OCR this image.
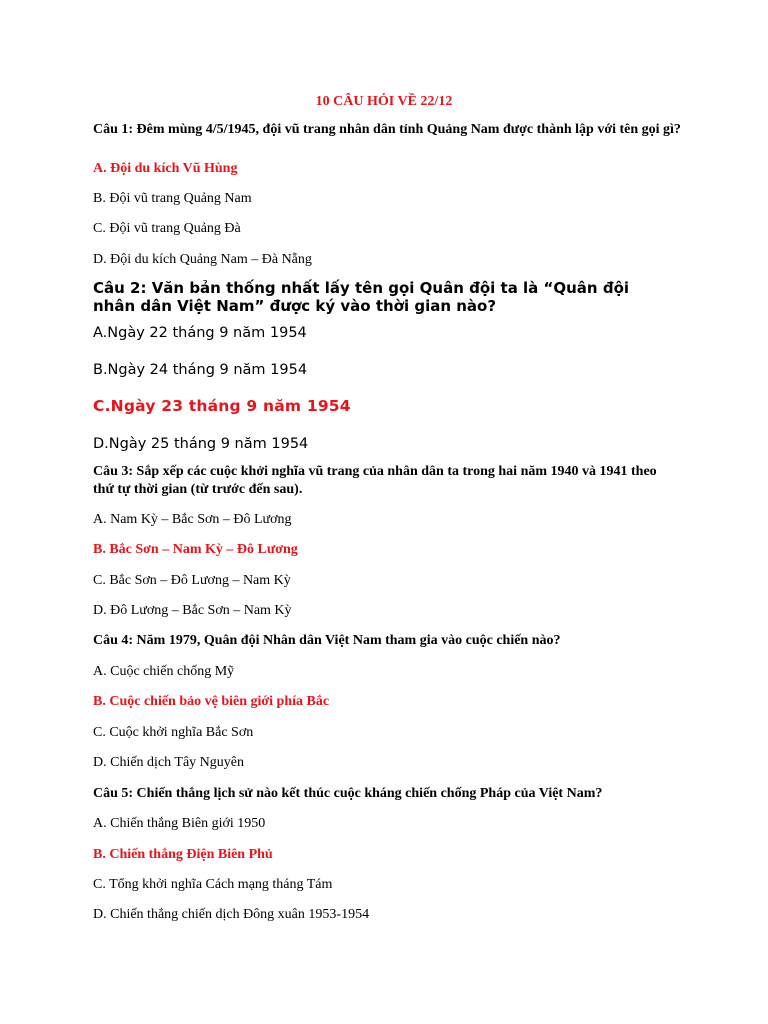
10 CÂU HỎI VỀ 22/12
Câu 1: Đêm mùng 4/5/1945, đội vũ trang nhân dân tỉnh Quảng Nam được thành lập với tên gọi gì?
A. Đội du kích Vũ Hùng
B. Đội vũ trang Quảng Nam
C. Đội vũ trang Quảng Đà
D. Đội du kích Quảng Nam – Đà Nẵng
Câu 2: Văn bản thống nhất lấy tên gọi Quân đội ta là “Quân đội nhân dân Việt Nam” được ký vào thời gian nào?
A.Ngày 22 tháng 9 năm 1954
B.Ngày 24 tháng 9 năm 1954
C.Ngày 23 tháng 9 năm 1954
D.Ngày 25 tháng 9 năm 1954
Câu 3: Sắp xếp các cuộc khởi nghĩa vũ trang của nhân dân ta trong hai năm 1940 và 1941 theo thứ tự thời gian (từ trước đến sau).
A. Nam Kỳ – Bắc Sơn – Đô Lương
B. Bắc Sơn – Nam Kỳ – Đô Lương
C. Bắc Sơn – Đô Lương – Nam Kỳ
D. Đô Lương – Bắc Sơn – Nam Kỳ
Câu 4: Năm 1979, Quân đội Nhân dân Việt Nam tham gia vào cuộc chiến nào?
A. Cuộc chiến chống Mỹ
B. Cuộc chiến bảo vệ biên giới phía Bắc
C. Cuộc khởi nghĩa Bắc Sơn
D. Chiến dịch Tây Nguyên
Câu 5: Chiến thắng lịch sử nào kết thúc cuộc kháng chiến chống Pháp của Việt Nam?
A. Chiến thắng Biên giới 1950
B. Chiến thắng Điện Biên Phủ
C. Tổng khởi nghĩa Cách mạng tháng Tám
D. Chiến thắng chiến dịch Đông xuân 1953-1954
